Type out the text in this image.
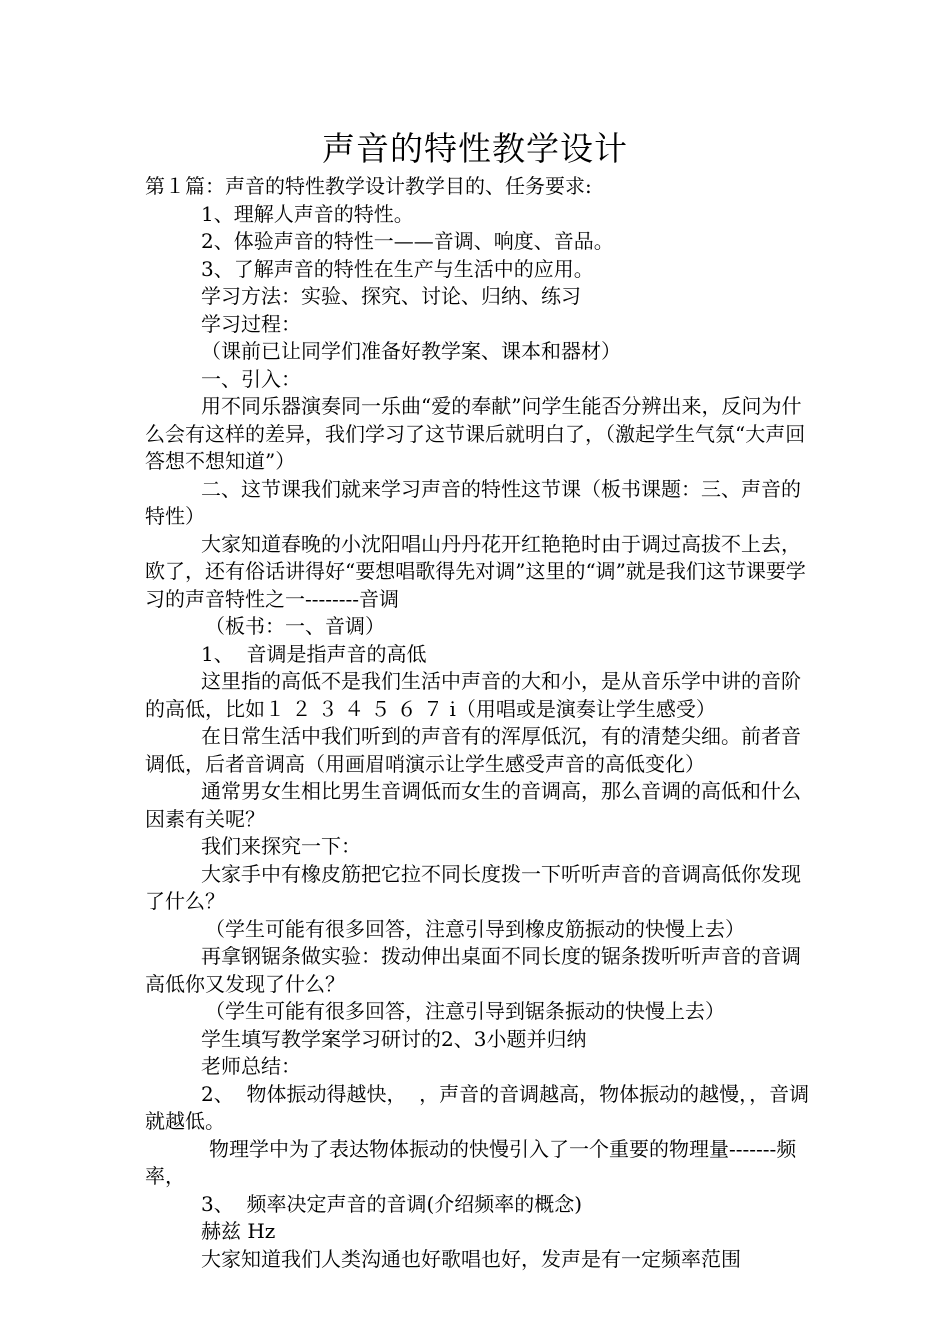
声音的特性教学设计

第１篇：声音的特性教学设计教学目的、任务要求:

1、理解人声音的特性。

2、体验声音的特性一——音调、响度、音品。

3、了解声音的特性在生产与生活中的应用。

学习方法：实验、探究、讨论、归纳、练习

学习过程：

（课前已让同学们准备好教学案、课本和器材）

一、引入：

用不同乐器演奏同一乐曲“爱的奉献”问学生能否分辨出来，反问为什么会有这样的差异，我们学习了这节课后就明白了，（激起学生气氛“大声回答想不想知道”）

二、这节课我们就来学习声音的特性这节课（板书课题：三、声音的特性）

大家知道春晚的小沈阳唱山丹丹花开红艳艳时由于调过高拔不上去，欧了，还有俗话讲得好“要想唱歌得先对调”这里的“调”就是我们这节课要学习的声音特性之一--------音调

（板书：一、音调）

1、  音调是指声音的高低

这里指的高低不是我们生活中声音的大和小，是从音乐学中讲的音阶的高低，比如１ ２ ３ ４ ５ ６ ７ i（用唱或是演奏让学生感受）

在日常生活中我们听到的声音有的浑厚低沉，有的清楚尖细。前者音调低，后者音调高（用画眉哨演示让学生感受声音的高低变化）

通常男女生相比男生音调低而女生的音调高，那么音调的高低和什么因素有关呢？

我们来探究一下：

大家手中有橡皮筋把它拉不同长度拨一下听听声音的音调高低你发现了什么？

（学生可能有很多回答，注意引导到橡皮筋振动的快慢上去）

再拿钢锯条做实验：拨动伸出桌面不同长度的锯条拨听听声音的音调高低你又发现了什么？

（学生可能有很多回答，注意引导到锯条振动的快慢上去）

学生填写教学案学习研讨的2、3小题并归纳

老师总结：

2、  物体振动得越快，  ，声音的音调越高，物体振动的越慢，，音调就越低。

物理学中为了表达物体振动的快慢引入了一个重要的物理量-------频率，

3、  频率决定声音的音调(介绍频率的概念)

赫兹 Hz

大家知道我们人类沟通也好歌唱也好，发声是有一定频率范围
